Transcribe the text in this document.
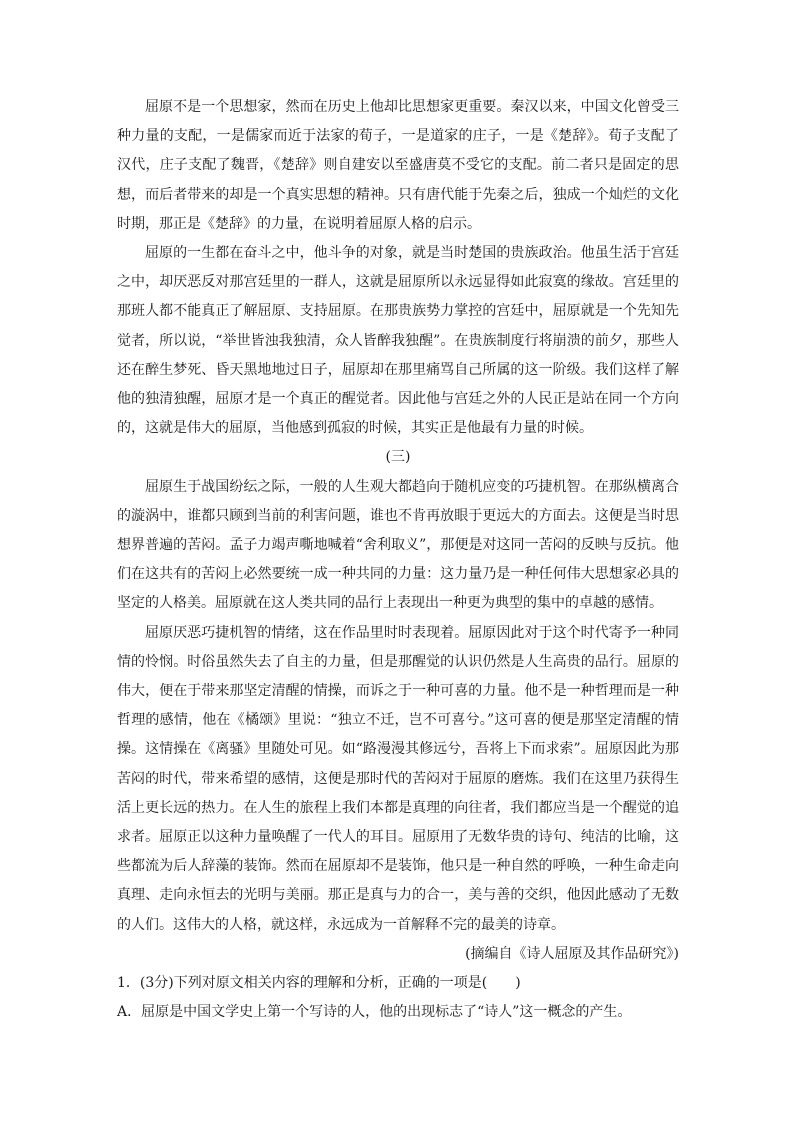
屈原不是一个思想家，然而在历史上他却比思想家更重要。秦汉以来，中国文化曾受三种力量的支配，一是儒家而近于法家的荀子，一是道家的庄子，一是《楚辞》。荀子支配了汉代，庄子支配了魏晋，《楚辞》则自建安以至盛唐莫不受它的支配。前二者只是固定的思想，而后者带来的却是一个真实思想的精神。只有唐代能于先秦之后，独成一个灿烂的文化时期，那正是《楚辞》的力量，在说明着屈原人格的启示。

屈原的一生都在奋斗之中，他斗争的对象，就是当时楚国的贵族政治。他虽生活于宫廷之中，却厌恶反对那宫廷里的一群人，这就是屈原所以永远显得如此寂寞的缘故。宫廷里的那班人都不能真正了解屈原、支持屈原。在那贵族势力掌控的宫廷中，屈原就是一个先知先觉者，所以说，“举世皆浊我独清，众人皆醉我独醒”。在贵族制度行将崩溃的前夕，那些人还在醉生梦死、昏天黑地地过日子，屈原却在那里痛骂自己所属的这一阶级。我们这样了解他的独清独醒，屈原才是一个真正的醒觉者。因此他与宫廷之外的人民正是站在同一个方向的，这就是伟大的屈原，当他感到孤寂的时候，其实正是他最有力量的时候。

(三)

屈原生于战国纷纭之际，一般的人生观大都趋向于随机应变的巧捷机智。在那纵横离合的漩涡中，谁都只顾到当前的利害问题，谁也不肯再放眼于更远大的方面去。这便是当时思想界普遍的苦闷。孟子力竭声嘶地喊着“舍利取义”，那便是对这同一苦闷的反映与反抗。他们在这共有的苦闷上必然要统一成一种共同的力量：这力量乃是一种任何伟大思想家必具的坚定的人格美。屈原就在这人类共同的品行上表现出一种更为典型的集中的卓越的感情。

屈原厌恶巧捷机智的情绪，这在作品里时时表现着。屈原因此对于这个时代寄予一种同情的怜悯。时俗虽然失去了自主的力量，但是那醒觉的认识仍然是人生高贵的品行。屈原的伟大，便在于带来那坚定清醒的情操，而诉之于一种可喜的力量。他不是一种哲理而是一种哲理的感情，他在《橘颂》里说：“独立不迁，岂不可喜兮。”这可喜的便是那坚定清醒的情操。这情操在《离骚》里随处可见。如“路漫漫其修远兮，吾将上下而求索”。屈原因此为那苦闷的时代，带来希望的感情，这便是那时代的苦闷对于屈原的磨炼。我们在这里乃获得生活上更长远的热力。在人生的旅程上我们本都是真理的向往者，我们都应当是一个醒觉的追求者。屈原正以这种力量唤醒了一代人的耳目。屈原用了无数华贵的诗句、纯洁的比喻，这些都流为后人辞藻的装饰。然而在屈原却不是装饰，他只是一种自然的呼唤，一种生命走向真理、走向永恒去的光明与美丽。那正是真与力的合一，美与善的交织，他因此感动了无数的人们。这伟大的人格，就这样，永远成为一首解释不完的最美的诗章。

(摘编自《诗人屈原及其作品研究》)

1．(3分)下列对原文相关内容的理解和分析，正确的一项是(　　)

A．屈原是中国文学史上第一个写诗的人，他的出现标志了“诗人”这一概念的产生。
